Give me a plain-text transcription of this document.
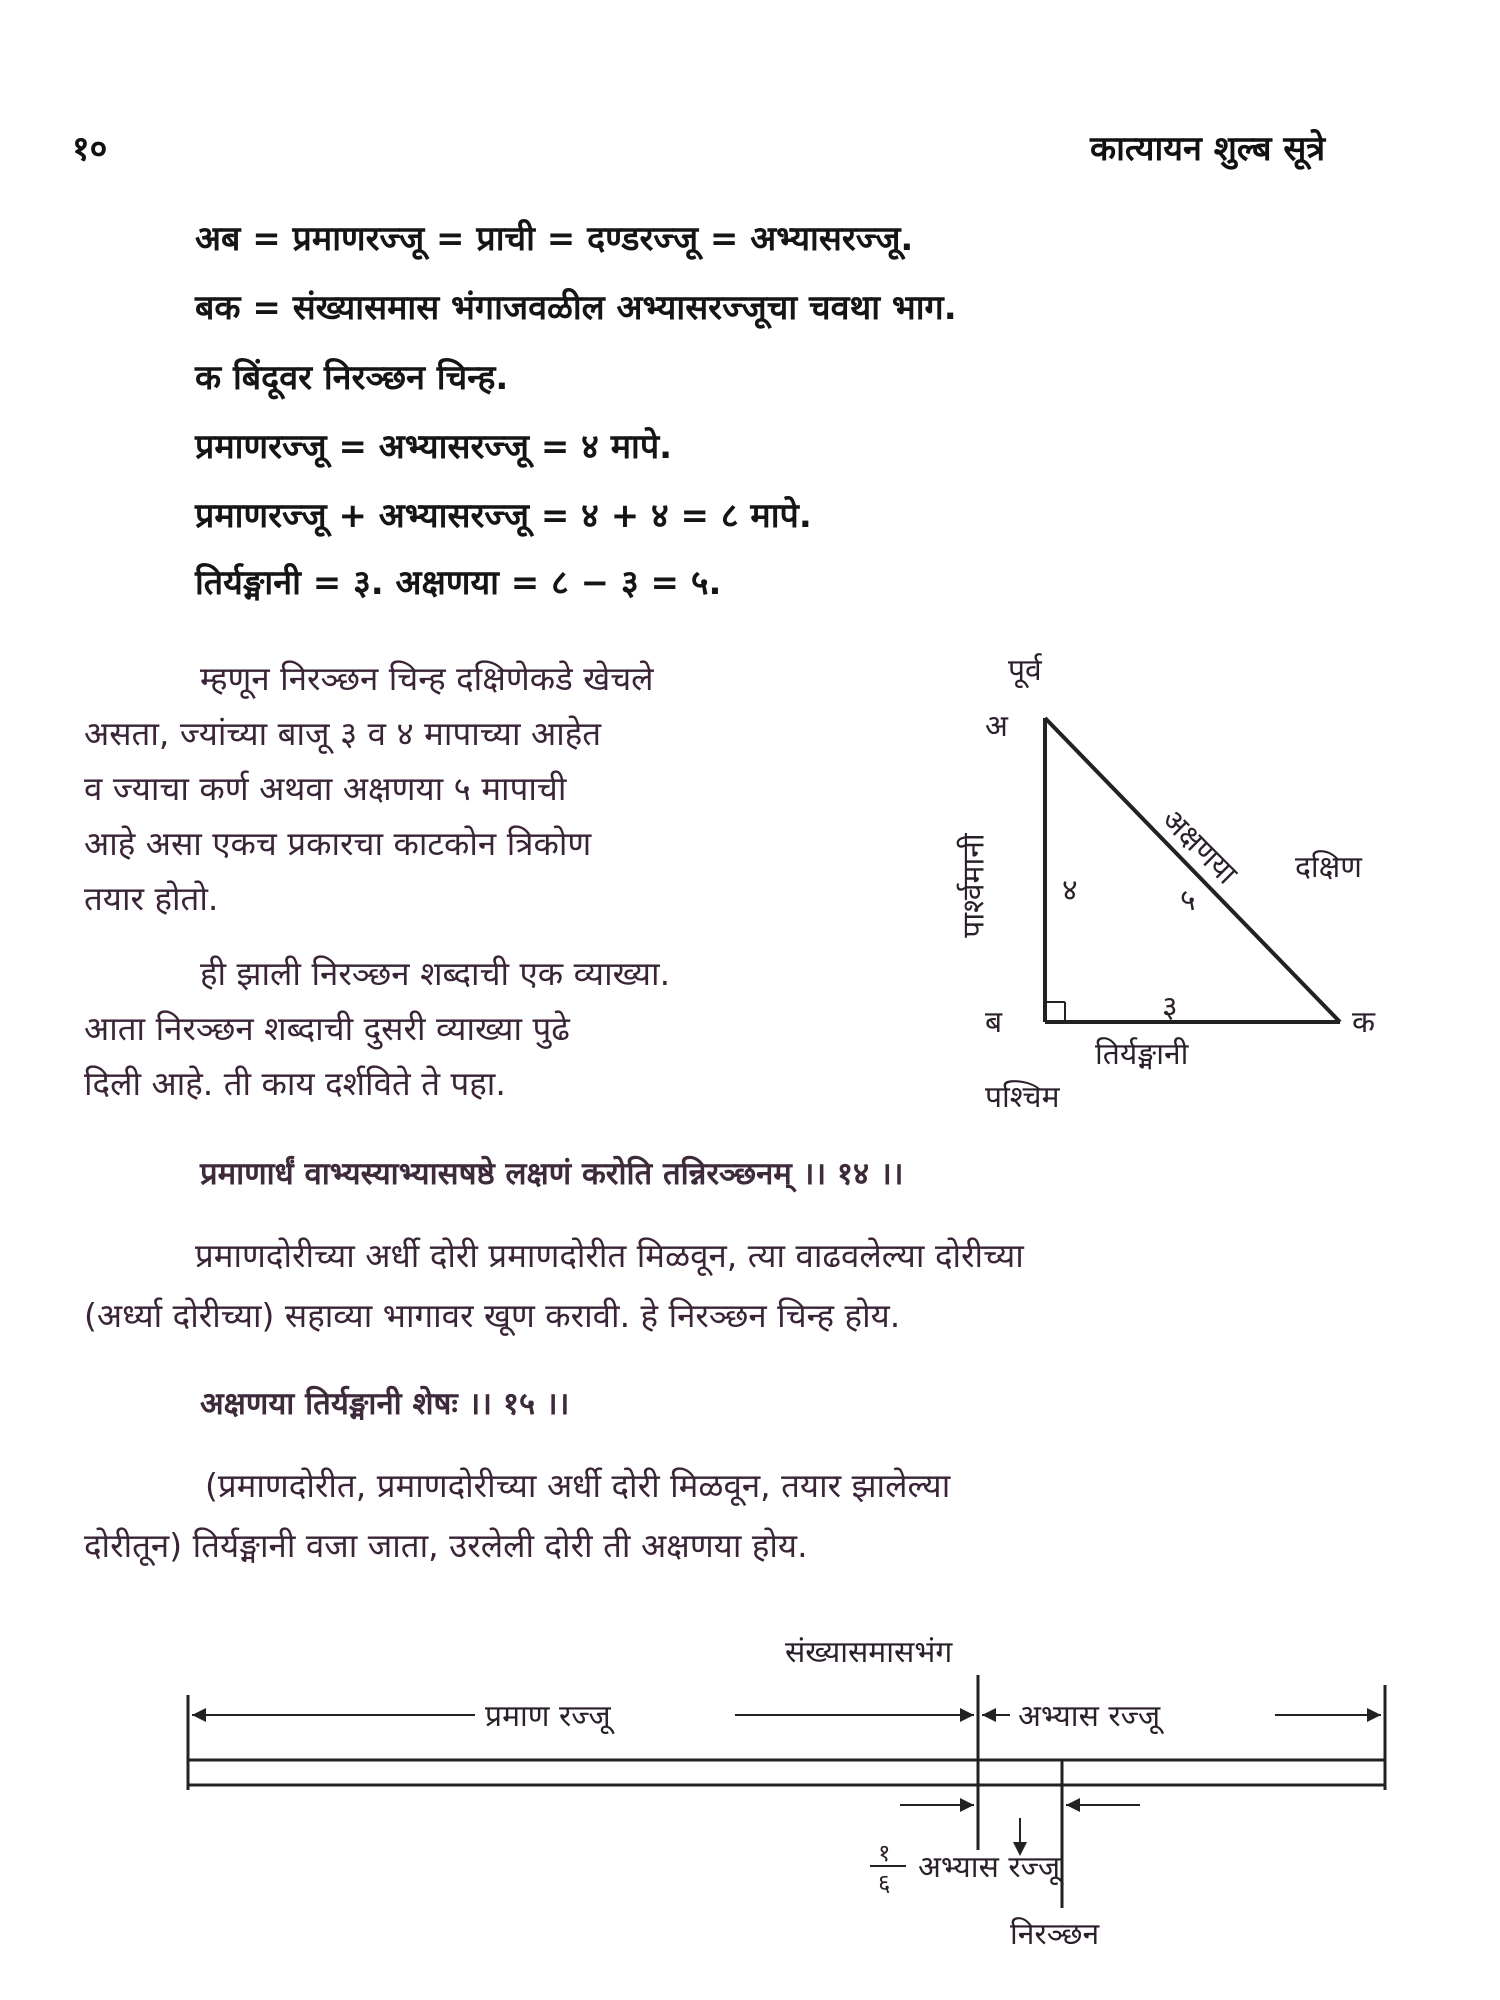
१०	कात्यायन शुल्ब सूत्रे
अब = प्रमाणरज्जू = प्राची = दण्डरज्जू = अभ्यासरज्जू.
बक = संख्यासमास भंगाजवळील अभ्यासरज्जूचा चवथा भाग.
क बिंदूवर निरञ्छन चिन्ह.
प्रमाणरज्जू = अभ्यासरज्जू = ४ मापे.
प्रमाणरज्जू + अभ्यासरज्जू = ४ + ४ = ८ मापे.
तिर्यङ्मानी = ३. अक्षणया = ८ − ३ = ५.
म्हणून निरञ्छन चिन्ह दक्षिणेकडे खेचले
असता, ज्यांच्या बाजू ३ व ४ मापाच्या आहेत
व ज्याचा कर्ण अथवा अक्षणया ५ मापाची
आहे असा एकच प्रकारचा काटकोन त्रिकोण
तयार होतो.
ही झाली निरञ्छन शब्दाची एक व्याख्या.
आता निरञ्छन शब्दाची दुसरी व्याख्या पुढे
दिली आहे. ती काय दर्शविते ते पहा.
पूर्व
अ
ब	क
पार्श्वमानी ४	अक्षणया
५
दक्षिण
३
तिर्यङ्मानी
पश्चिम
प्रमाणार्धं वाभ्यस्याभ्यासषष्ठे लक्षणं करोति तन्निरञ्छनम् ।। १४ ।।
प्रमाणदोरीच्या अर्धी दोरी प्रमाणदोरीत मिळवून, त्या वाढवलेल्या दोरीच्या
(अर्ध्या दोरीच्या) सहाव्या भागावर खूण करावी. हे निरञ्छन चिन्ह होय.
अक्षणया तिर्यङ्मानी शेषः ।। १५ ।।
(प्रमाणदोरीत, प्रमाणदोरीच्या अर्धी दोरी मिळवून, तयार झालेल्या
दोरीतून) तिर्यङ्मानी वजा जाता, उरलेली दोरी ती अक्षणया होय.
संख्यासमासभंग
प्रमाण रज्जू	अभ्यास रज्जू
१
६ अभ्यास रज्जू
निरञ्छन
